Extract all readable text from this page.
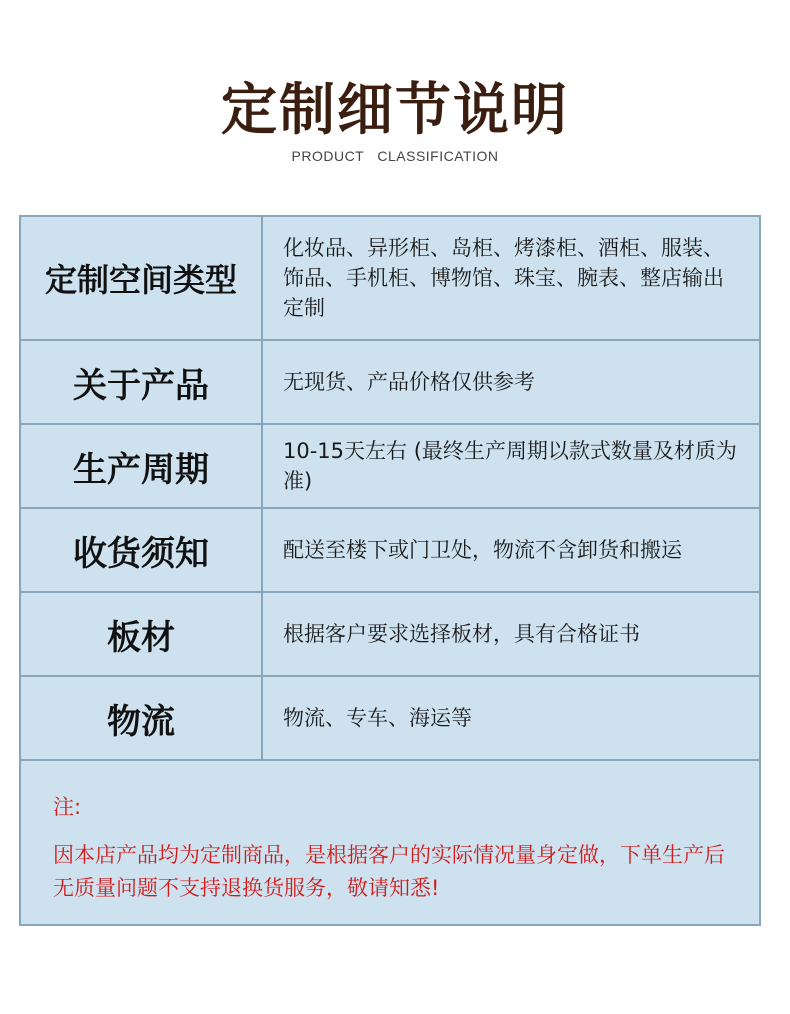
定制细节说明
PRODUCT CLASSIFICATION
定制空间类型	化妆品、异形柜、岛柜、烤漆柜、酒柜、服装、饰品、手机柜、博物馆、珠宝、腕表、整店输出定制
关于产品	无现货、产品价格仅供参考
生产周期	10-15天左右 (最终生产周期以款式数量及材质为准)
收货须知	配送至楼下或门卫处，物流不含卸货和搬运
板材	根据客户要求选择板材，具有合格证书
物流	物流、专车、海运等
注:
因本店产品均为定制商品，是根据客户的实际情况量身定做，下单生产后无质量问题不支持退换货服务，敬请知悉!
